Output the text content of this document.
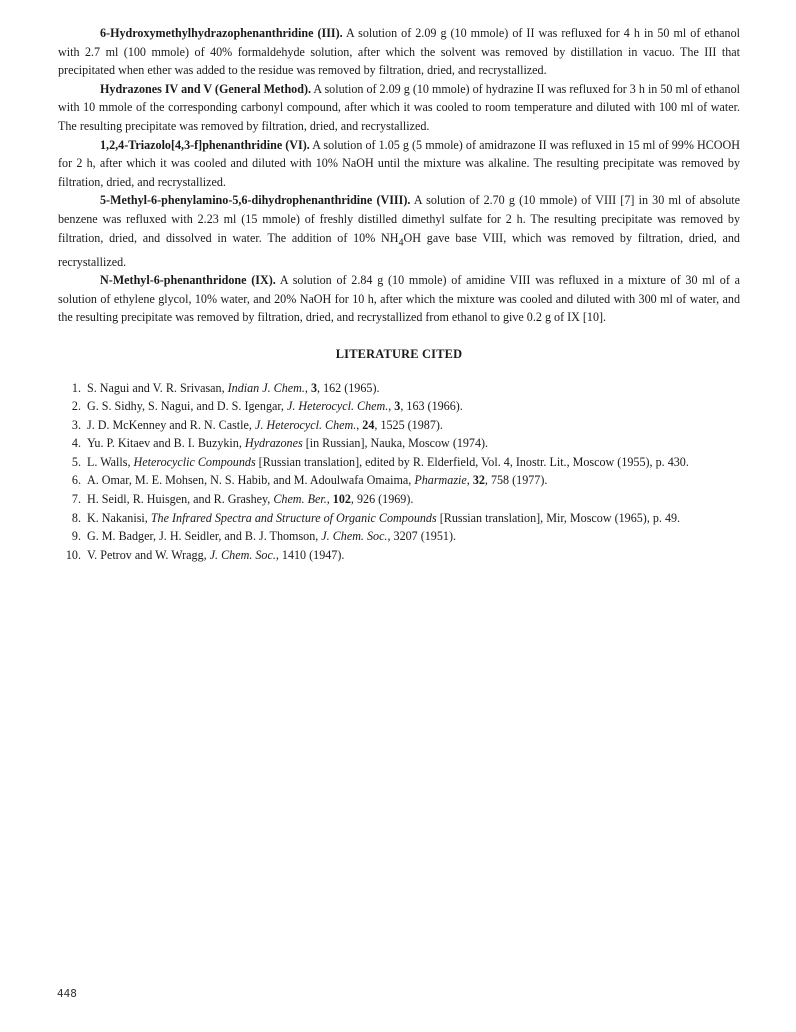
6-Hydroxymethylhydrazophenanthridine (III). A solution of 2.09 g (10 mmole) of II was refluxed for 4 h in 50 ml of ethanol with 2.7 ml (100 mmole) of 40% formaldehyde solution, after which the solvent was removed by distillation in vacuo. The III that precipitated when ether was added to the residue was removed by filtration, dried, and recrystallized.

Hydrazones IV and V (General Method). A solution of 2.09 g (10 mmole) of hydrazine II was refluxed for 3 h in 50 ml of ethanol with 10 mmole of the corresponding carbonyl compound, after which it was cooled to room temperature and diluted with 100 ml of water. The resulting precipitate was removed by filtration, dried, and recrystallized.

1,2,4-Triazolo[4,3-f]phenanthridine (VI). A solution of 1.05 g (5 mmole) of amidrazone II was refluxed in 15 ml of 99% HCOOH for 2 h, after which it was cooled and diluted with 10% NaOH until the mixture was alkaline. The resulting precipitate was removed by filtration, dried, and recrystallized.

5-Methyl-6-phenylamino-5,6-dihydrophenanthridine (VIII). A solution of 2.70 g (10 mmole) of VIII [7] in 30 ml of absolute benzene was refluxed with 2.23 ml (15 mmole) of freshly distilled dimethyl sulfate for 2 h. The resulting precipitate was removed by filtration, dried, and dissolved in water. The addition of 10% $NH_4OH$ gave base VIII, which was removed by filtration, dried, and recrystallized.

N-Methyl-6-phenanthridone (IX). A solution of 2.84 g (10 mmole) of amidine VIII was refluxed in a mixture of 30 ml of a solution of ethylene glycol, 10% water, and 20% NaOH for 10 h, after which the mixture was cooled and diluted with 300 ml of water, and the resulting precipitate was removed by filtration, dried, and recrystallized from ethanol to give 0.2 g of IX [10].

LITERATURE CITED
1. S. Nagui and V. R. Srivasan, Indian J. Chem., 3, 162 (1965).
2. G. S. Sidhy, S. Nagui, and D. S. Igengar, J. Heterocycl. Chem., 3, 163 (1966).
3. J. D. McKenney and R. N. Castle, J. Heterocycl. Chem., 24, 1525 (1987).
4. Yu. P. Kitaev and B. I. Buzykin, Hydrazones [in Russian], Nauka, Moscow (1974).
5. L. Walls, Heterocyclic Compounds [Russian translation], edited by R. Elderfield, Vol. 4, Inostr. Lit., Moscow (1955), p. 430.
6. A. Omar, M. E. Mohsen, N. S. Habib, and M. Adoulwafa Omaima, Pharmazie, 32, 758 (1977).
7. H. Seidl, R. Huisgen, and R. Grashey, Chem. Ber., 102, 926 (1969).
8. K. Nakanisi, The Infrared Spectra and Structure of Organic Compounds [Russian translation], Mir, Moscow (1965), p. 49.
9. G. M. Badger, J. H. Seidler, and B. J. Thomson, J. Chem. Soc., 3207 (1951).
10. V. Petrov and W. Wragg, J. Chem. Soc., 1410 (1947).
448
